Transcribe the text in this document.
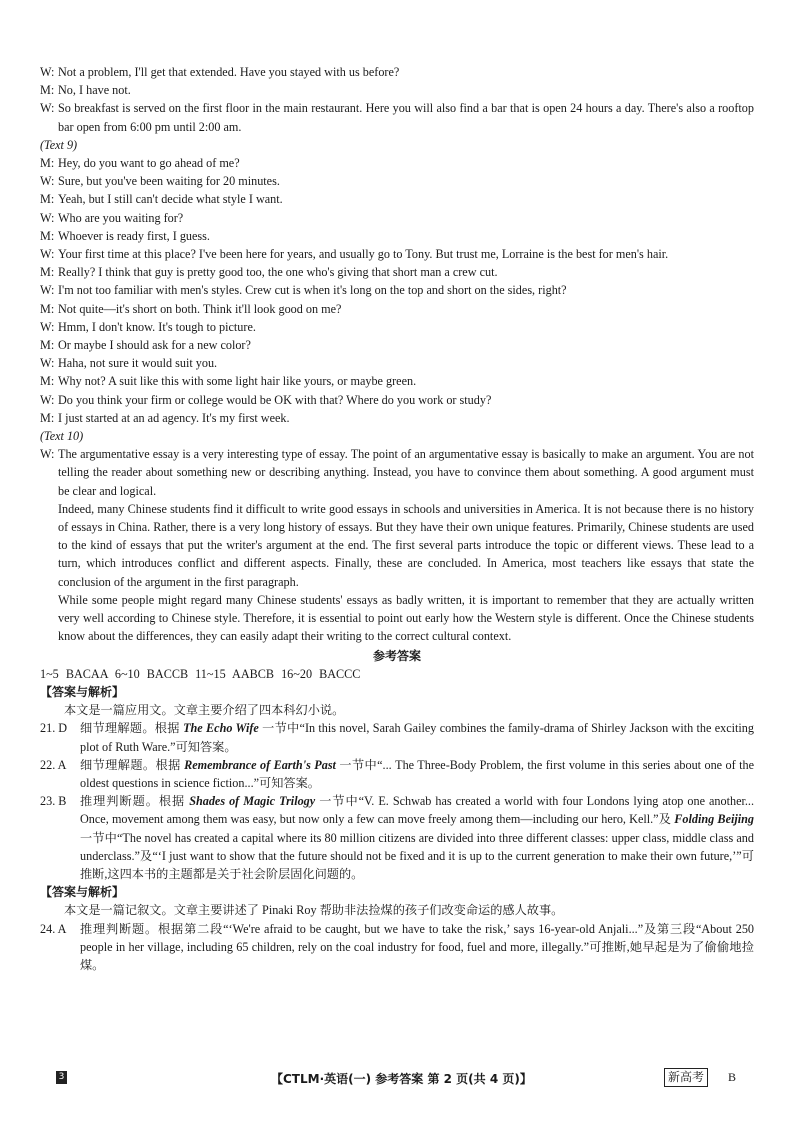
W: Not a problem, I'll get that extended. Have you stayed with us before?
M: No, I have not.
W: So breakfast is served on the first floor in the main restaurant. Here you will also find a bar that is open 24 hours a day. There's also a rooftop bar open from 6:00 pm until 2:00 am.
(Text 9)
M: Hey, do you want to go ahead of me?
W: Sure, but you've been waiting for 20 minutes.
M: Yeah, but I still can't decide what style I want.
W: Who are you waiting for?
M: Whoever is ready first, I guess.
W: Your first time at this place? I've been here for years, and usually go to Tony. But trust me, Lorraine is the best for men's hair.
M: Really? I think that guy is pretty good too, the one who's giving that short man a crew cut.
W: I'm not too familiar with men's styles. Crew cut is when it's long on the top and short on the sides, right?
M: Not quite—it's short on both. Think it'll look good on me?
W: Hmm, I don't know. It's tough to picture.
M: Or maybe I should ask for a new color?
W: Haha, not sure it would suit you.
M: Why not? A suit like this with some light hair like yours, or maybe green.
W: Do you think your firm or college would be OK with that? Where do you work or study?
M: I just started at an ad agency. It's my first week.
(Text 10)
W: The argumentative essay is a very interesting type of essay. The point of an argumentative essay is basically to make an argument. You are not telling the reader about something new or describing anything. Instead, you have to convince them about something. A good argument must be clear and logical.
Indeed, many Chinese students find it difficult to write good essays in schools and universities in America. It is not because there is no history of essays in China. Rather, there is a very long history of essays. But they have their own unique features. Primarily, Chinese students are used to the kind of essays that put the writer's argument at the end. The first several parts introduce the topic or different views. These lead to a turn, which introduces conflict and different aspects. Finally, these are concluded. In America, most teachers like essays that state the conclusion of the argument in the first paragraph.
While some people might regard many Chinese students' essays as badly written, it is important to remember that they are actually written very well according to Chinese style. Therefore, it is essential to point out early how the Western style is different. Once the Chinese students know about the differences, they can easily adapt their writing to the correct cultural context.
参考答案
1~5 BACAA 6~10 BACCB 11~15 AABCB 16~20 BACCC
【答案与解析】
本文是一篇应用文。文章主要介绍了四本科幻小说。
21. D	细节理解题。根据 The Echo Wife 一节中“In this novel, Sarah Gailey combines the family-drama of Shirley Jackson with the exciting plot of Ruth Ware.”可知答案。
22. A	细节理解题。根据 Remembrance of Earth's Past 一节中“... The Three-Body Problem, the first volume in this series about one of the oldest questions in science fiction...”可知答案。
23. B	推理判断题。根据 Shades of Magic Trilogy 一节中“V. E. Schwab has created a world with four Londons lying atop one another... Once, movement among them was easy, but now only a few can move freely among them—including our hero, Kell.”及 Folding Beijing 一节中“The novel has created a capital where its 80 million citizens are divided into three different classes: upper class, middle class and underclass.”及“‘I just want to show that the future should not be fixed and it is up to the current generation to make their own future,’”可推断,这四本书的主题都是关于社会阶层固化问题的。
【答案与解析】
本文是一篇记叙文。文章主要讲述了 Pinaki Roy 帮助非法捡煤的孩子们改变命运的感人故事。
24. A	推理判断题。根据第二段“‘We're afraid to be caught, but we have to take the risk,’ says 16-year-old Anjali...”及第三段“About 250 people in her village, including 65 children, rely on the coal industry for food, fuel and more, illegally.”可推断,她早起是为了偷偷地捡煤。
3	【CTLM·英语(一) 参考答案 第 2 页(共 4 页)】	新高考	B
